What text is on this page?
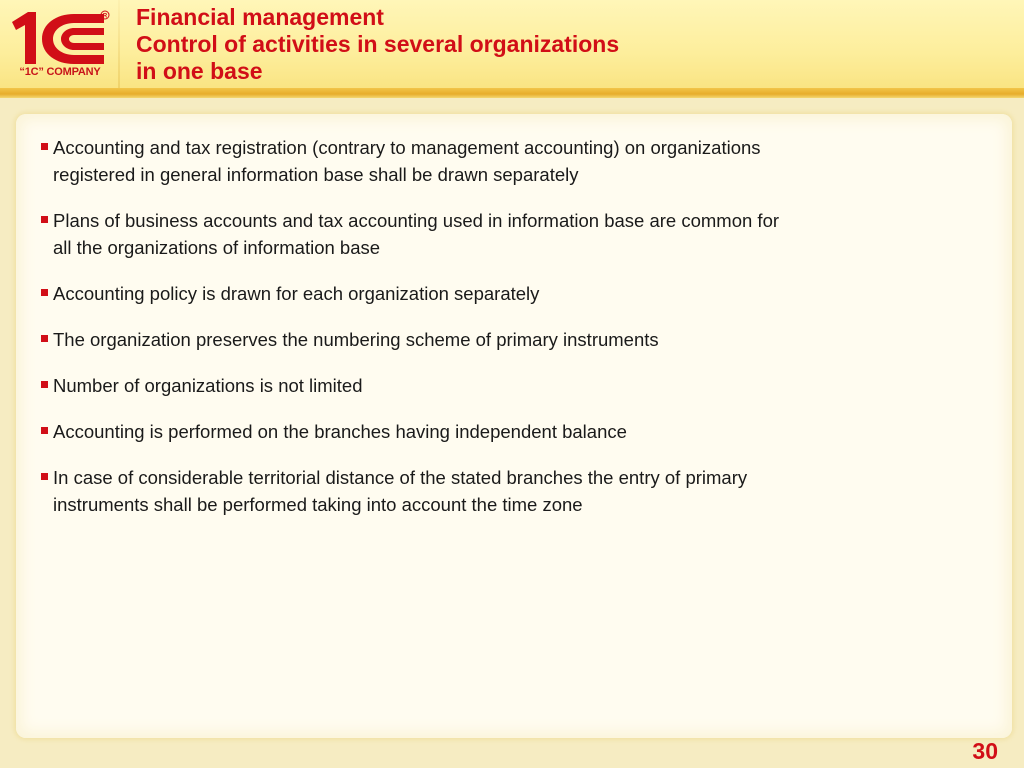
R
“1C” COMPANY
Financial management
Control of activities in several organizations
in one base
Accounting and tax registration (contrary to management accounting) on organizations registered in general information base shall be drawn separately
Plans of business accounts and tax accounting used in information base are common for all the organizations of information base
Accounting policy is drawn for each organization separately
The organization preserves the numbering scheme of primary instruments
Number of organizations is not limited
Accounting is performed on the branches having independent balance
In case of considerable territorial distance of the stated branches the entry of primary instruments shall be performed taking into account the time zone
30
